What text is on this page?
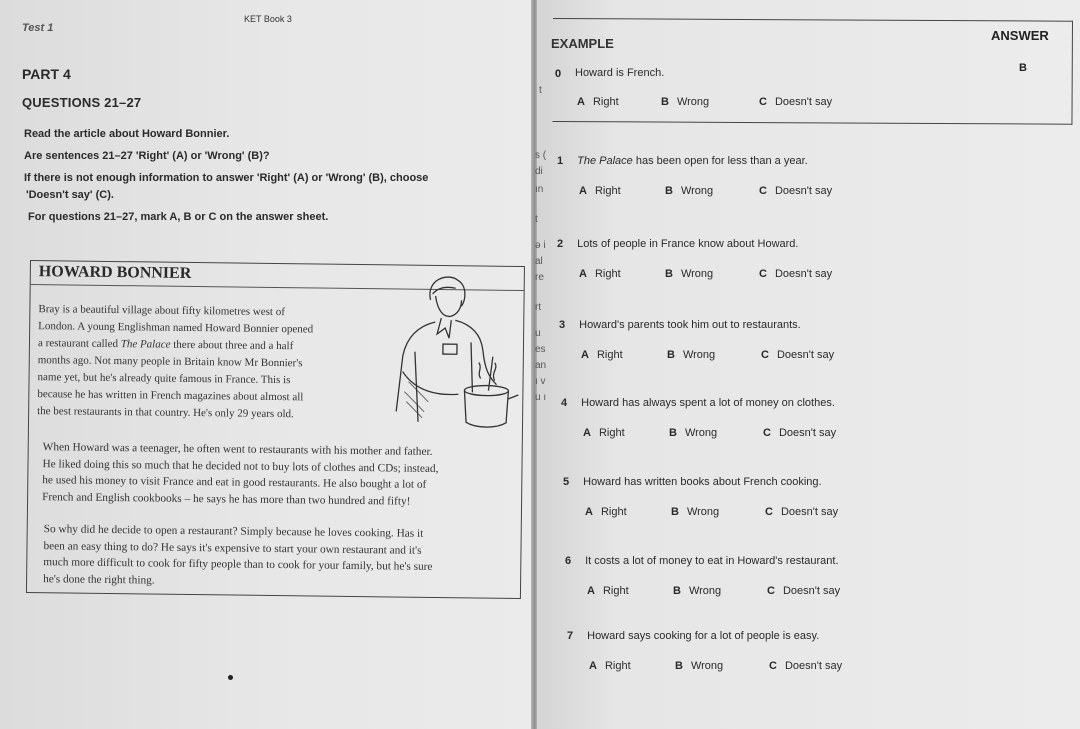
Test 1
KET Book 3
PART 4
QUESTIONS 21–27
Read the article about Howard Bonnier.
Are sentences 21–27 'Right' (A) or 'Wrong' (B)?
If there is not enough information to answer 'Right' (A) or 'Wrong' (B), choose
'Doesn't say' (C).
For questions 21–27, mark A, B or C on the answer sheet.
HOWARD BONNIER
Bray is a beautiful village about fifty kilometres west of
London. A young Englishman named Howard Bonnier opened
a restaurant called The Palace there about three and a half
months ago. Not many people in Britain know Mr Bonnier's
name yet, but he's already quite famous in France. This is
because he has written in French magazines about almost all
the best restaurants in that country. He's only 29 years old.
When Howard was a teenager, he often went to restaurants with his mother and father.
He liked doing this so much that he decided not to buy lots of clothes and CDs; instead,
he used his money to visit France and eat in good restaurants. He also bought a lot of
French and English cookbooks – he says he has more than two hundred and fifty!
So why did he decide to open a restaurant? Simply because he loves cooking. Has it
been an easy thing to do? He says it's expensive to start your own restaurant and it's
much more difficult to cook for fifty people than to cook for your family, but he's sure
he's done the right thing.
t
s (
di
ın
t
ə i
al
re
rt
u
es
an
ı v
u ı
EXAMPLE
ANSWER
B
0 Howard is French.
A Right	B Wrong	C Doesn't say
1 The Palace has been open for less than a year.
A Right	B Wrong	C Doesn't say
2 Lots of people in France know about Howard.
A Right	B Wrong	C Doesn't say
3 Howard's parents took him out to restaurants.
A Right	B Wrong	C Doesn't say
4 Howard has always spent a lot of money on clothes.
A Right	B Wrong	C Doesn't say
5 Howard has written books about French cooking.
A Right	B Wrong	C Doesn't say
6 It costs a lot of money to eat in Howard's restaurant.
A Right	B Wrong	C Doesn't say
7 Howard says cooking for a lot of people is easy.
A Right	B Wrong	C Doesn't say
